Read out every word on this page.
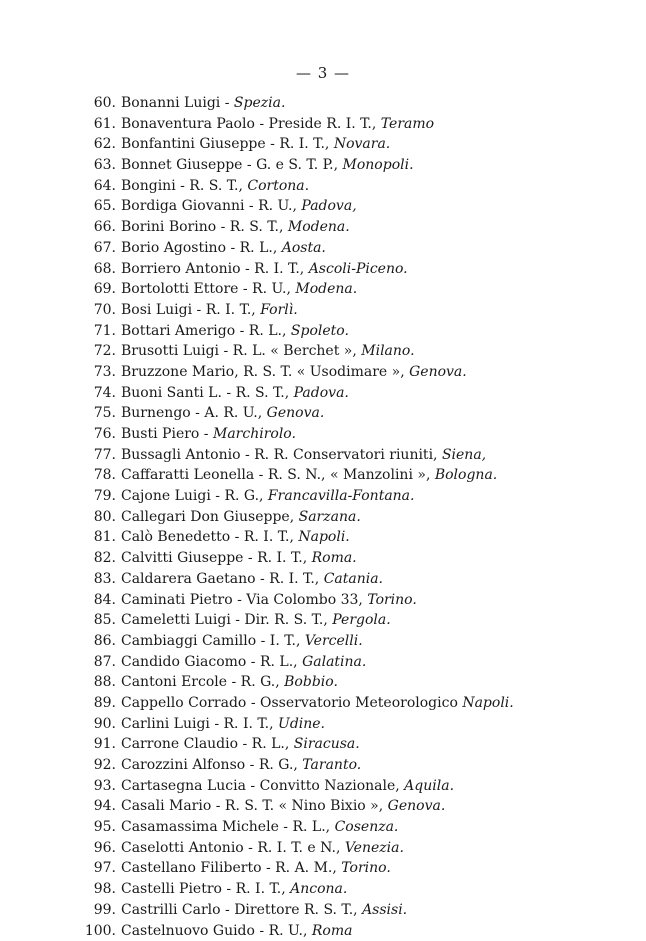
— 3 —
60. Bonanni Luigi - Spezia.
61. Bonaventura Paolo - Preside R. I. T., Teramo
62. Bonfantini Giuseppe - R. I. T., Novara.
63. Bonnet Giuseppe - G. e S. T. P., Monopoli.
64. Bongini - R. S. T., Cortona.
65. Bordiga Giovanni - R. U., Padova,
66. Borini Borino - R. S. T., Modena.
67. Borio Agostino - R. L., Aosta.
68. Borriero Antonio - R. I. T., Ascoli-Piceno.
69. Bortolotti Ettore - R. U., Modena.
70. Bosi Luigi - R. I. T., Forlì.
71. Bottari Amerigo - R. L., Spoleto.
72. Brusotti Luigi - R. L. « Berchet », Milano.
73. Bruzzone Mario, R. S. T. « Usodimare », Genova.
74. Buoni Santi L. - R. S. T., Padova.
75. Burnengo - A. R. U., Genova.
76. Busti Piero - Marchirolo.
77. Bussagli Antonio - R. R. Conservatori riuniti, Siena,
78. Caffaratti Leonella - R. S. N., « Manzolini », Bologna.
79. Cajone Luigi - R. G., Francavilla-Fontana.
80. Callegari Don Giuseppe, Sarzana.
81. Calò Benedetto - R. I. T., Napoli.
82. Calvitti Giuseppe - R. I. T., Roma.
83. Caldarera Gaetano - R. I. T., Catania.
84. Caminati Pietro - Via Colombo 33, Torino.
85. Cameletti Luigi - Dir. R. S. T., Pergola.
86. Cambiaggi Camillo - I. T., Vercelli.
87. Candido Giacomo - R. L., Galatina.
88. Cantoni Ercole - R. G., Bobbio.
89. Cappello Corrado - Osservatorio Meteorologico Napoli.
90. Carlini Luigi - R. I. T., Udine.
91. Carrone Claudio - R. L., Siracusa.
92. Carozzini Alfonso - R. G., Taranto.
93. Cartasegna Lucia - Convitto Nazionale, Aquila.
94. Casali Mario - R. S. T. « Nino Bixio », Genova.
95. Casamassima Michele - R. L., Cosenza.
96. Caselotti Antonio - R. I. T. e N., Venezia.
97. Castellano Filiberto - R. A. M., Torino.
98. Castelli Pietro - R. I. T., Ancona.
99. Castrilli Carlo - Direttore R. S. T., Assisi.
100. Castelnuovo Guido - R. U., Roma
